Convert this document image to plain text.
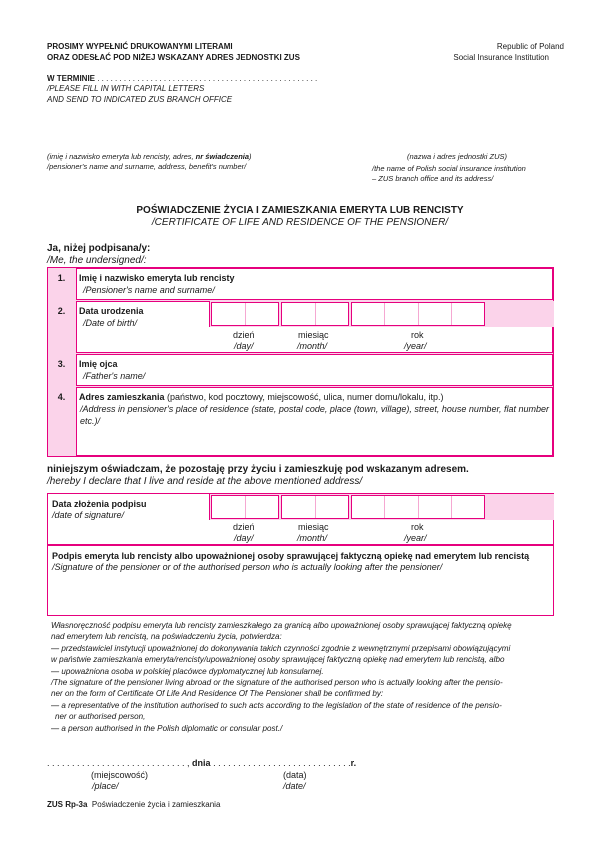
PROSIMY WYPEŁNIĆ DRUKOWANYMI LITERAMI
ORAZ ODESŁAĆ POD NIŻEJ WSKAZANY ADRES JEDNOSTKI ZUS
Republic of Poland
Social Insurance Institution
W TERMINIE . . . . . . . . . . . . . . . . . . . . . . . . . . . . . . . . . . . . . . . . . . . . . . . . . .
/PLEASE FILL IN WITH CAPITAL LETTERS
AND SEND TO INDICATED ZUS BRANCH OFFICE
(imię i nazwisko emeryta lub rencisty, adres, nr świadczenia)
/pensioner's name and surname, address, benefit's number/
(nazwa i adres jednostki ZUS)
/the name of Polish social insurance institution
– ZUS branch office and its address/
POŚWIADCZENIE ŻYCIA I ZAMIESZKANIA EMERYTA LUB RENCISTY
/CERTIFICATE OF LIFE AND RESIDENCE OF THE PENSIONER/
Ja, niżej podpisana/y:
/Me, the undersigned/:
Imię i nazwisko emeryta lub rencisty
/Pensioner's name and surname/
1.
Data urodzenia
/Date of birth/
2.
dzień
/day/
miesiąc
/month/
rok
/year/
Imię ojca
/Father's name/
3.
Adres zamieszkania (państwo, kod pocztowy, miejscowość, ulica, numer domu/lokalu, itp.)
/Address in pensioner's place of residence (state, postal code, place (town, village), street, house number, flat number etc.)/
4.
niniejszym oświadczam, że pozostaję przy życiu i zamieszkuję pod wskazanym adresem.
/hereby I declare that I live and reside at the above mentioned address/
Data złożenia podpisu
/date of signature/
dzień
/day/
miesiąc
/month/
rok
/year/
Podpis emeryta lub rencisty albo upoważnionej osoby sprawującej faktyczną opiekę nad emerytem lub rencistą
/Signature of the pensioner or of the authorised person who is actually looking after the pensioner/
Własnoręczność podpisu emeryta lub rencisty zamieszkałego za granicą albo upoważnionej osoby sprawującej faktyczną opiekę
nad emerytem lub rencistą, na poświadczeniu życia, potwierdza:
— przedstawiciel instytucji upoważnionej do dokonywania takich czynności zgodnie z wewnętrznymi przepisami obowiązującymi
w państwie zamieszkania emeryta/rencisty/upoważnionej osoby sprawującej faktyczną opiekę nad emerytem lub rencistą, albo
— upoważniona osoba w polskiej placówce dyplomatycznej lub konsularnej.
/The signature of the pensioner living abroad or the signature of the authorised person who is actually looking after the pensio-
ner on the form of Certificate Of Life And Residence Of The Pensioner shall be confirmed by:
— a representative of the institution authorised to such acts according to the legislation of the state of residence of the pensio-
ner or authorised person,
— a person authorised in the Polish diplomatic or consular post./
. . . . . . . . . . . . . . . . . . . . . . . . . . . . , dnia . . . . . . . . . . . . . . . . . . . . . . . . . . . .r.
(miejscowość)
/place/
(data)
/date/
ZUS Rp-3a Poświadczenie życia i zamieszkania
